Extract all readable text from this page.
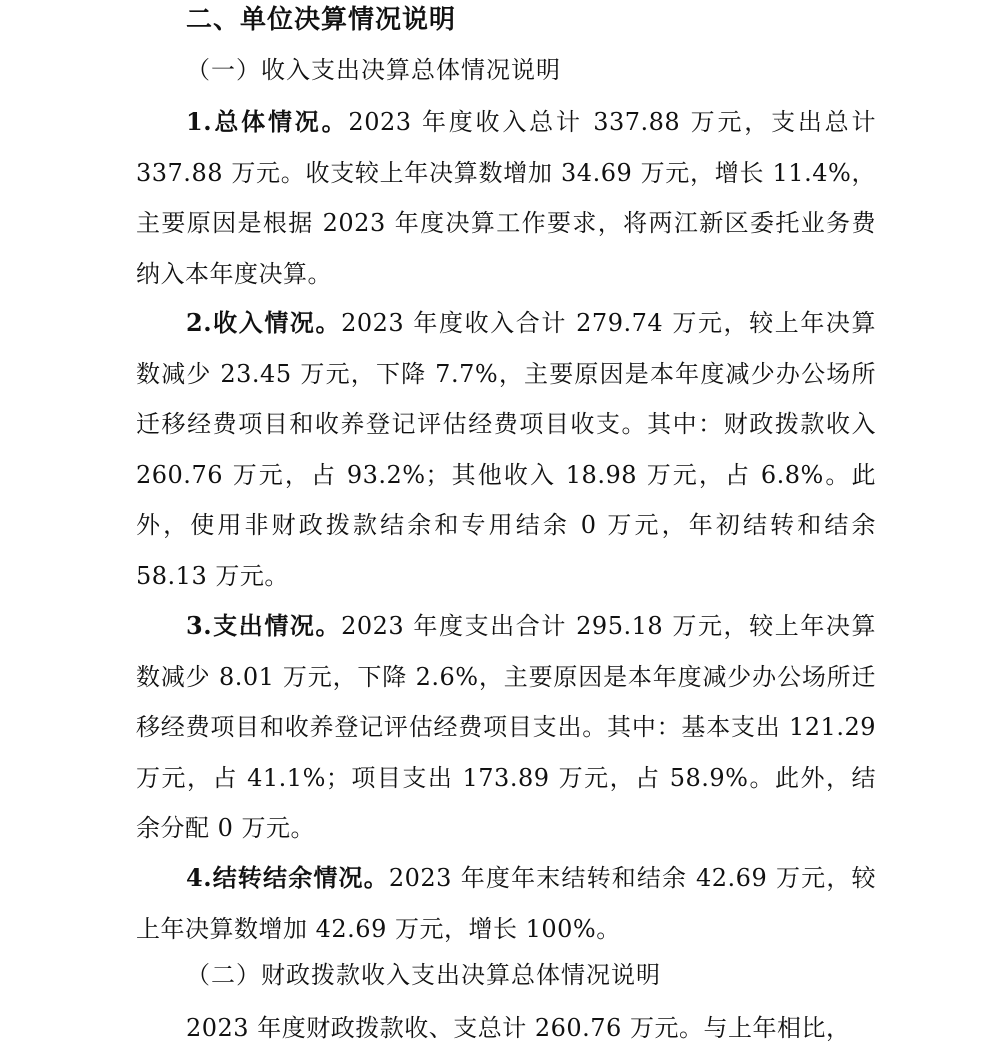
二、单位决算情况说明
（一）收入支出决算总体情况说明

1.总体情况。2023 年度收入总计 337.88 万元，支出总计 337.88 万元。收支较上年决算数增加 34.69 万元，增长 11.4%，主要原因是根据 2023 年度决算工作要求，将两江新区委托业务费纳入本年度决算。

2.收入情况。2023 年度收入合计 279.74 万元，较上年决算数减少 23.45 万元，下降 7.7%，主要原因是本年度减少办公场所迁移经费项目和收养登记评估经费项目收支。其中：财政拨款收入 260.76 万元，占 93.2%；其他收入 18.98 万元，占 6.8%。此外，使用非财政拨款结余和专用结余 0 万元，年初结转和结余 58.13 万元。

3.支出情况。2023 年度支出合计 295.18 万元，较上年决算数减少 8.01 万元，下降 2.6%，主要原因是本年度减少办公场所迁移经费项目和收养登记评估经费项目支出。其中：基本支出 121.29 万元，占 41.1%；项目支出 173.89 万元，占 58.9%。此外，结余分配 0 万元。

4.结转结余情况。2023 年度年末结转和结余 42.69 万元，较上年决算数增加 42.69 万元，增长 100%。

（二）财政拨款收入支出决算总体情况说明

2023 年度财政拨款收、支总计 260.76 万元。与上年相比，
